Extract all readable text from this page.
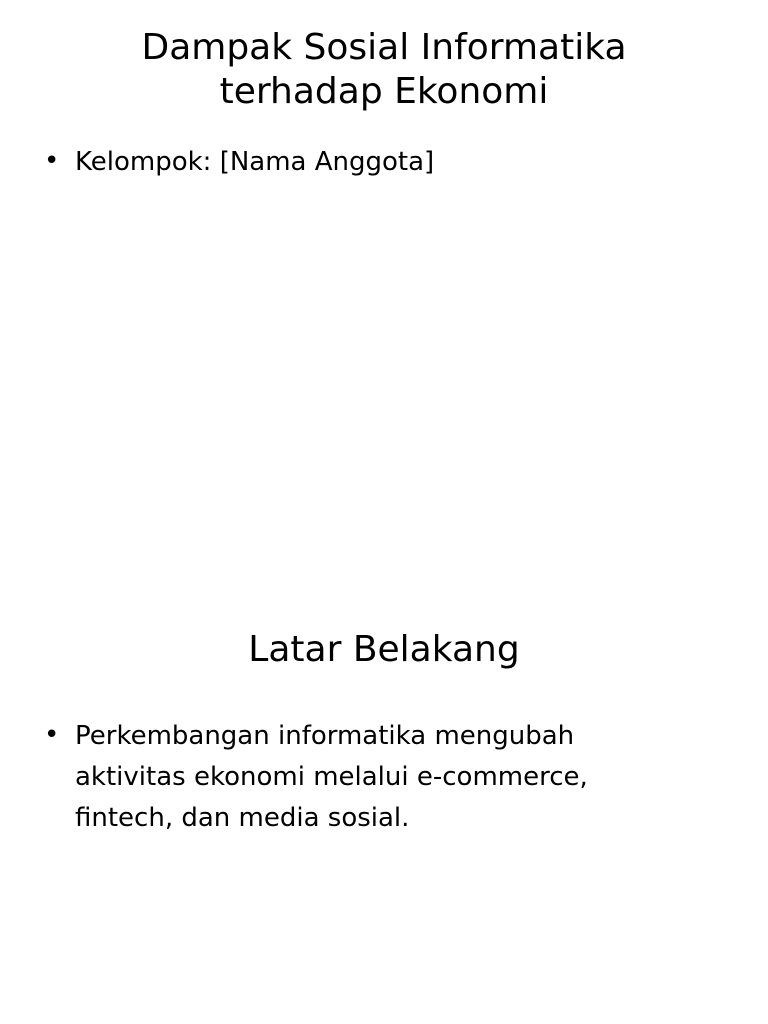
Dampak Sosial Informatika
terhadap Ekonomi
• Kelompok: [Nama Anggota]
Latar Belakang
• Perkembangan informatika mengubah
aktivitas ekonomi melalui e-commerce,
fintech, dan media sosial.
